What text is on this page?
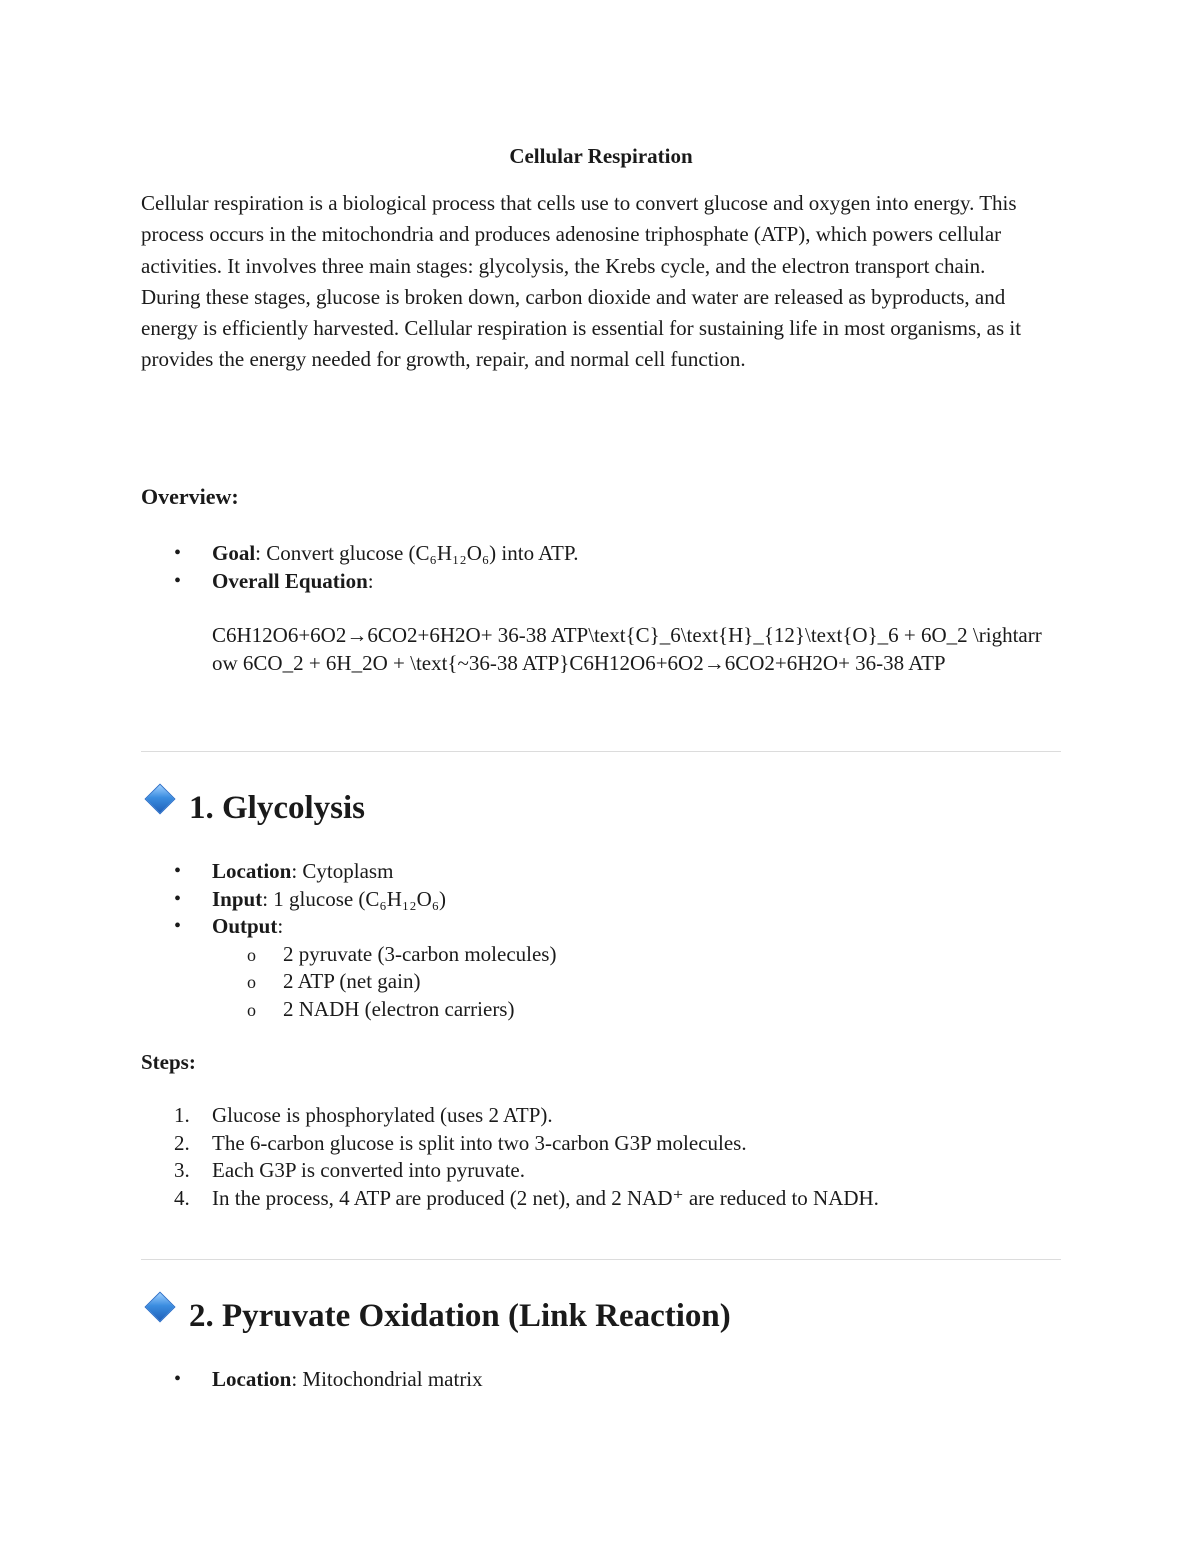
Cellular Respiration

Cellular respiration is a biological process that cells use to convert glucose and oxygen into energy. This process occurs in the mitochondria and produces adenosine triphosphate (ATP), which powers cellular activities. It involves three main stages: glycolysis, the Krebs cycle, and the electron transport chain. During these stages, glucose is broken down, carbon dioxide and water are released as byproducts, and energy is efficiently harvested. Cellular respiration is essential for sustaining life in most organisms, as it provides the energy needed for growth, repair, and normal cell function.

Overview:

• Goal: Convert glucose (C₆H₁₂O₆) into ATP.
• Overall Equation:

C6H12O6+6O2→6CO2+6H2O+ 36-38 ATP\text{C}_6\text{H}_{12}\text{O}_6 + 6O_2 \rightarrow 6CO_2 + 6H_2O + \text{~36-38 ATP}C6H12O6+6O2→6CO2+6H2O+ 36-38 ATP

1. Glycolysis
• Location: Cytoplasm
• Input: 1 glucose (C₆H₁₂O₆)
• Output:
o 2 pyruvate (3-carbon molecules)
o 2 ATP (net gain)
o 2 NADH (electron carriers)

Steps:

1. Glucose is phosphorylated (uses 2 ATP).
2. The 6-carbon glucose is split into two 3-carbon G3P molecules.
3. Each G3P is converted into pyruvate.
4. In the process, 4 ATP are produced (2 net), and 2 NAD⁺ are reduced to NADH.
2. Pyruvate Oxidation (Link Reaction)
• Location: Mitochondrial matrix
